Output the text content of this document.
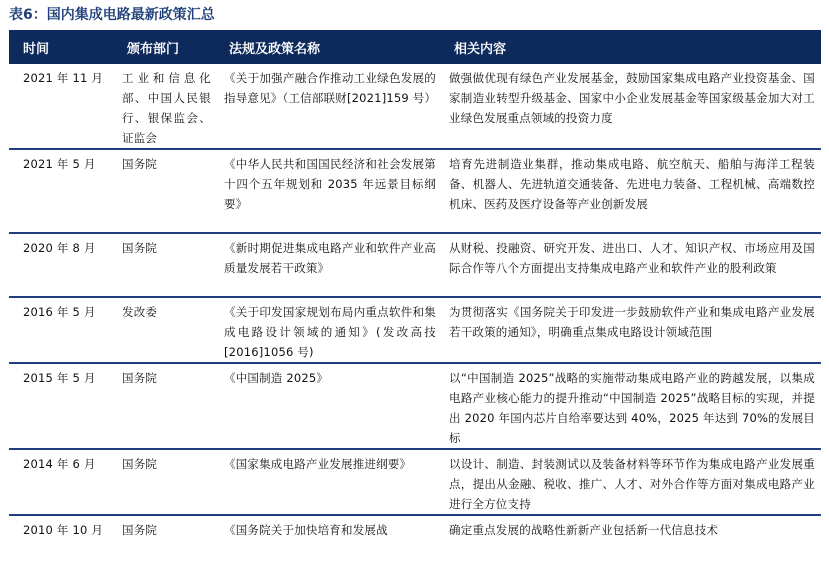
表6：国内集成电路最新政策汇总
时间	颁布部门	法规及政策名称	相关内容
2021 年 11 月	工业和信息化部、中国人民银行、银保监会、证监会	《关于加强产融合作推动工业绿色发展的指导意见》（工信部联财[2021]159 号）	做强做优现有绿色产业发展基金，鼓励国家集成电路产业投资基金、国家制造业转型升级基金、国家中小企业发展基金等国家级基金加大对工业绿色发展重点领域的投资力度
2021 年 5 月	国务院	《中华人民共和国国民经济和社会发展第十四个五年规划和 2035 年远景目标纲要》	培育先进制造业集群，推动集成电路、航空航天、船舶与海洋工程装备、机器人、先进轨道交通装备、先进电力装备、工程机械、高端数控机床、医药及医疗设备等产业创新发展
2020 年 8 月	国务院	《新时期促进集成电路产业和软件产业高质量发展若干政策》	从财税、投融资、研究开发、进出口、人才、知识产权、市场应用及国际合作等八个方面提出支持集成电路产业和软件产业的股利政策
2016 年 5 月	发改委	《关于印发国家规划布局内重点软件和集成电路设计领域的通知》(发改高技[2016]1056 号)	为贯彻落实《国务院关于印发进一步鼓励软件产业和集成电路产业发展若干政策的通知》，明确重点集成电路设计领域范围
2015 年 5 月	国务院	《中国制造 2025》	以“中国制造 2025”战略的实施带动集成电路产业的跨越发展，以集成电路产业核心能力的提升推动“中国制造 2025”战略目标的实现，并提出 2020 年国内芯片自给率要达到 40%，2025 年达到 70%的发展目标
2014 年 6 月	国务院	《国家集成电路产业发展推进纲要》	以设计、制造、封装测试以及装备材料等环节作为集成电路产业发展重点，提出从金融、税收、推广、人才、对外合作等方面对集成电路产业进行全方位支持
2010 年 10 月	国务院	《国务院关于加快培育和发展战	确定重点发展的战略性新新产业包括新一代信息技术
